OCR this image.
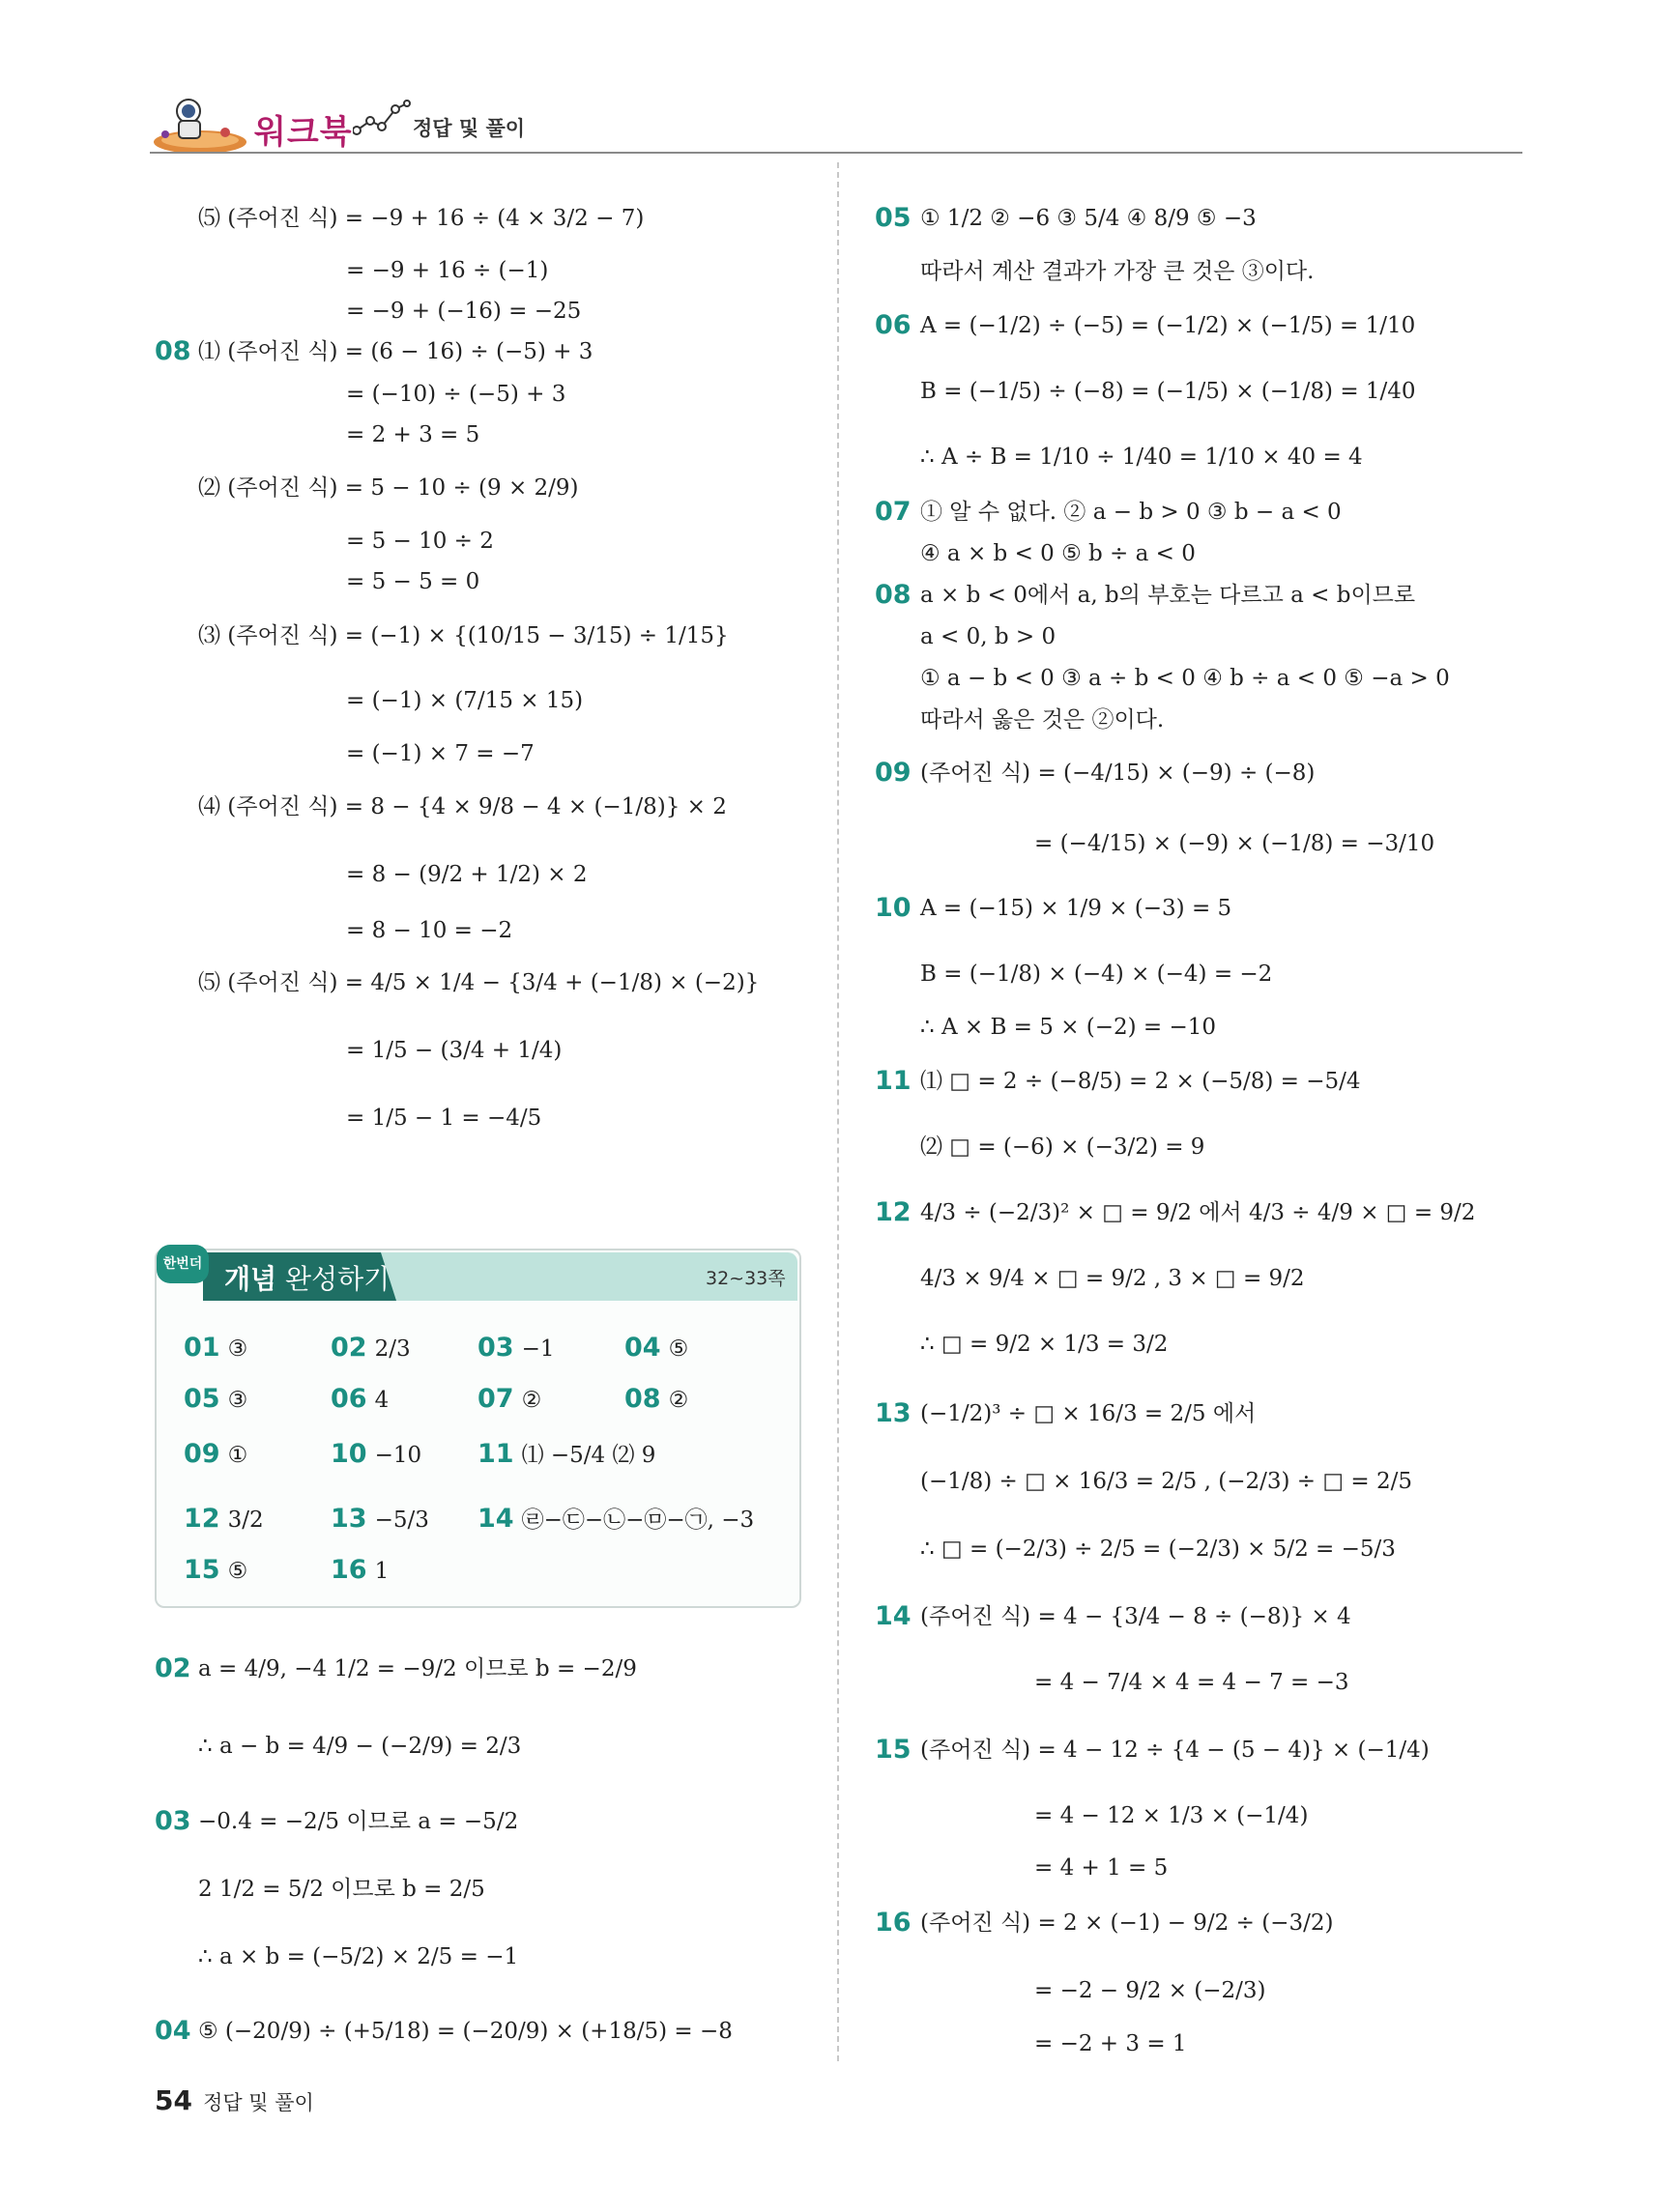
워크북	정답 및 풀이
⑸ (주어진 식) = −9 + 16 ÷ (4 × 3/2 − 7)
= −9 + 16 ÷ (−1)
= −9 + (−16) = −25
08 ⑴ (주어진 식) = (6 − 16) ÷ (−5) + 3
= (−10) ÷ (−5) + 3
= 2 + 3 = 5
⑵ (주어진 식) = 5 − 10 ÷ (9 × 2/9)
= 5 − 10 ÷ 2
= 5 − 5 = 0
⑶ (주어진 식) = (−1) × {(10/15 − 3/15) ÷ 1/15}
= (−1) × (7/15 × 15)
= (−1) × 7 = −7
⑷ (주어진 식) = 8 − {4 × 9/8 − 4 × (−1/8)} × 2
= 8 − (9/2 + 1/2) × 2
= 8 − 10 = −2
⑸ (주어진 식) = 4/5 × 1/4 − {3/4 + (−1/8) × (−2)}
= 1/5 − (3/4 + 1/4)
= 1/5 − 1 = −4/5
한번더 개념 완성하기	32~33쪽
01 ③	02 2/3	03 −1	04 ⑤
05 ③	06 4	07 ②	08 ②
09 ①	10 −10 11 ⑴ −5/4 ⑵ 9
12 3/2	13 −5/3 14 ㉣−㉢−㉡−㉤−㉠, −3
15 ⑤	16 1
02 a = 4/9, −4 1/2 = −9/2 이므로 b = −2/9
∴ a − b = 4/9 − (−2/9) = 2/3
03 −0.4 = −2/5 이므로 a = −5/2
2 1/2 = 5/2 이므로 b = 2/5
∴ a × b = (−5/2) × 2/5 = −1
04 ⑤ (−20/9) ÷ (+5/18) = (−20/9) × (+18/5) = −8
05 ① 1/2 ② −6 ③ 5/4 ④ 8/9 ⑤ −3
따라서 계산 결과가 가장 큰 것은 ③이다.
06 A = (−1/2) ÷ (−5) = (−1/2) × (−1/5) = 1/10
B = (−1/5) ÷ (−8) = (−1/5) × (−1/8) = 1/40
∴ A ÷ B = 1/10 ÷ 1/40 = 1/10 × 40 = 4
07 ① 알 수 없다. ② a − b > 0 ③ b − a < 0
④ a × b < 0 ⑤ b ÷ a < 0
08 a × b < 0에서 a, b의 부호는 다르고 a < b이므로
a < 0, b > 0
① a − b < 0 ③ a ÷ b < 0 ④ b ÷ a < 0 ⑤ −a > 0
따라서 옳은 것은 ②이다.
09 (주어진 식) = (−4/15) × (−9) ÷ (−8)
= (−4/15) × (−9) × (−1/8) = −3/10
10 A = (−15) × 1/9 × (−3) = 5
B = (−1/8) × (−4) × (−4) = −2
∴ A × B = 5 × (−2) = −10
11 ⑴ □ = 2 ÷ (−8/5) = 2 × (−5/8) = −5/4
⑵ □ = (−6) × (−3/2) = 9
12 4/3 ÷ (−2/3)² × □ = 9/2 에서 4/3 ÷ 4/9 × □ = 9/2
4/3 × 9/4 × □ = 9/2 , 3 × □ = 9/2
∴ □ = 9/2 × 1/3 = 3/2
13 (−1/2)³ ÷ □ × 16/3 = 2/5 에서
(−1/8) ÷ □ × 16/3 = 2/5 , (−2/3) ÷ □ = 2/5
∴ □ = (−2/3) ÷ 2/5 = (−2/3) × 5/2 = −5/3
14 (주어진 식) = 4 − {3/4 − 8 ÷ (−8)} × 4
= 4 − 7/4 × 4 = 4 − 7 = −3
15 (주어진 식) = 4 − 12 ÷ {4 − (5 − 4)} × (−1/4)
= 4 − 12 × 1/3 × (−1/4)
= 4 + 1 = 5
16 (주어진 식) = 2 × (−1) − 9/2 ÷ (−3/2)
= −2 − 9/2 × (−2/3)
= −2 + 3 = 1
54 정답 및 풀이
